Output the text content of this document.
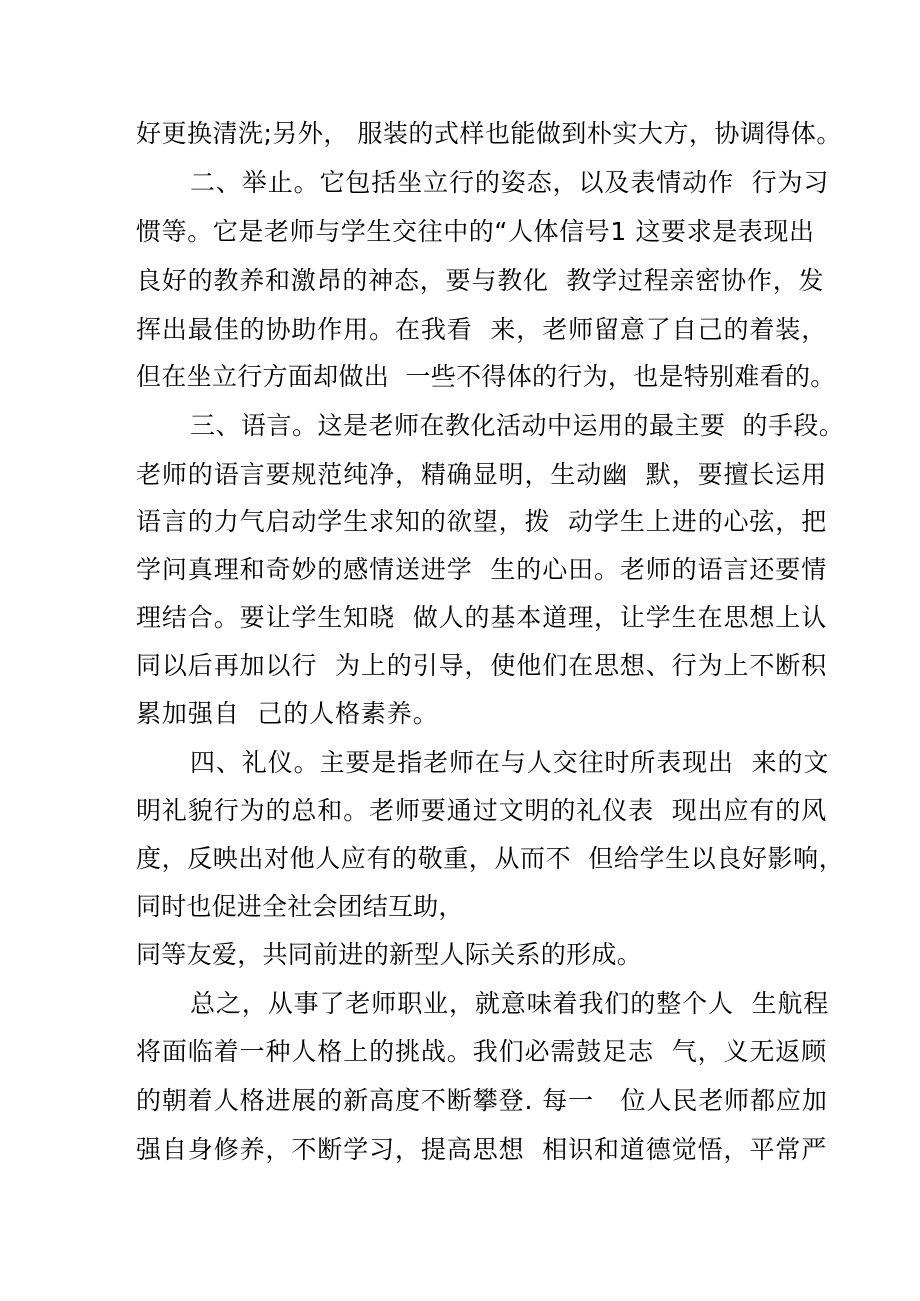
好更换清洗;另外， 服装的式样也能做到朴实大方，协调得体。
二、举止。它包括坐立行的姿态，以及表情动作  行为习
惯等。它是老师与学生交往中的“人体信号1 这要求是表现出
良好的教养和激昂的神态，要与教化  教学过程亲密协作，发
挥出最佳的协助作用。在我看  来，老师留意了自己的着装，
但在坐立行方面却做出  一些不得体的行为，也是特别难看的。
三、语言。这是老师在教化活动中运用的最主要  的手段。
老师的语言要规范纯净，精确显明，生动幽  默，要擅长运用
语言的力气启动学生求知的欲望，拨  动学生上进的心弦，把
学问真理和奇妙的感情送进学  生的心田。老师的语言还要情
理结合。要让学生知晓  做人的基本道理，让学生在思想上认
同以后再加以行  为上的引导，使他们在思想、行为上不断积
累加强自  己的人格素养。
四、礼仪。主要是指老师在与人交往时所表现出  来的文
明礼貌行为的总和。老师要通过文明的礼仪表  现出应有的风
度，反映出对他人应有的敬重，从而不  但给学生以良好影响，
同时也促进全社会团结互助，
同等友爱，共同前进的新型人际关系的形成。
总之，从事了老师职业，就意味着我们的整个人  生航程
将面临着一种人格上的挑战。我们必需鼓足志  气，义无返顾
的朝着人格进展的新高度不断攀登. 每一   位人民老师都应加
强自身修养，不断学习，提高思想  相识和道德觉悟，平常严
